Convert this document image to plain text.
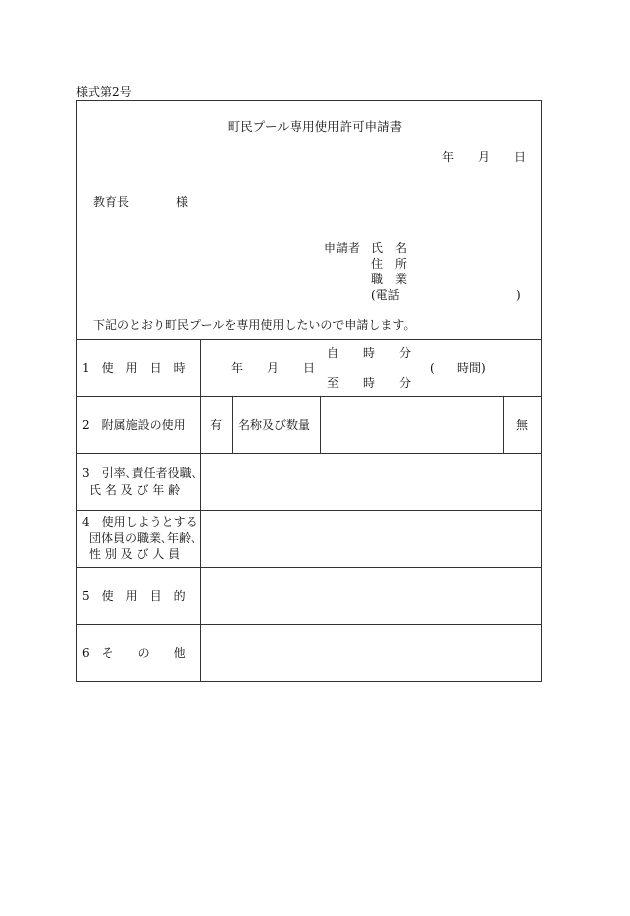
様式第2号
町民プール専用使用許可申請書
年 月 日
教育長	様
申請者 氏　名
住　所
職　業
(電話	)
下記のとおり町民プールを専用使用したいので申請します。
1　使　用　日　時	年　　月　　日
自　　時　　分
至　　時　　分
( 時間)
2　附属施設の使用 有 名称及び数量	無
3　引率､責任者役職､
氏 名 及 び 年 齢
4　使用しようとする
団体員の職業､年齢､
性 別 及 び 人 員
5　使　用　目　的
6　そ　　の　　他
